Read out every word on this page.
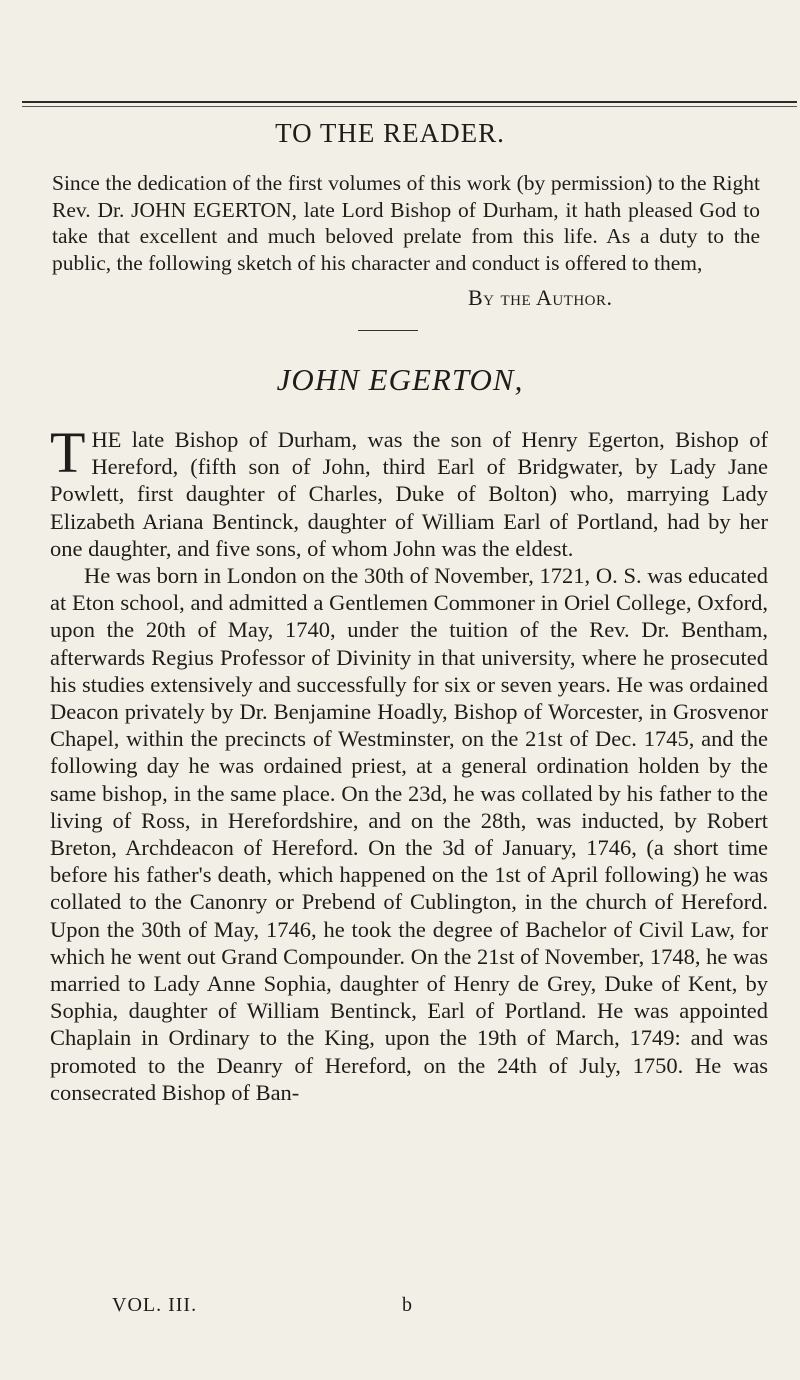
TO THE READER.
Since the dedication of the first volumes of this work (by permission) to the Right Rev. Dr. JOHN EGERTON, late Lord Bishop of Durham, it hath pleased God to take that excellent and much beloved prelate from this life. As a duty to the public, the following sketch of his character and conduct is offered to them,
By the Author.
JOHN EGERTON,

THE late Bishop of Durham, was the son of Henry Egerton, Bishop of Hereford, (fifth son of John, third Earl of Bridgwater, by Lady Jane Powlett, first daughter of Charles, Duke of Bolton) who, marrying Lady Elizabeth Ariana Bentinck, daughter of William Earl of Portland, had by her one daughter, and five sons, of whom John was the eldest.

He was born in London on the 30th of November, 1721, O. S. was educated at Eton school, and admitted a Gentlemen Commoner in Oriel College, Oxford, upon the 20th of May, 1740, under the tuition of the Rev. Dr. Bentham, afterwards Regius Professor of Divinity in that university, where he prosecuted his studies extensively and successfully for six or seven years. He was ordained Deacon privately by Dr. Benjamine Hoadly, Bishop of Worcester, in Grosvenor Chapel, within the precincts of Westminster, on the 21st of Dec. 1745, and the following day he was ordained priest, at a general ordination holden by the same bishop, in the same place. On the 23d, he was collated by his father to the living of Ross, in Herefordshire, and on the 28th, was inducted, by Robert Breton, Archdeacon of Hereford. On the 3d of January, 1746, (a short time before his father's death, which happened on the 1st of April following) he was collated to the Canonry or Prebend of Cublington, in the church of Hereford. Upon the 30th of May, 1746, he took the degree of Bachelor of Civil Law, for which he went out Grand Compounder. On the 21st of November, 1748, he was married to Lady Anne Sophia, daughter of Henry de Grey, Duke of Kent, by Sophia, daughter of William Bentinck, Earl of Portland. He was appointed Chaplain in Ordinary to the King, upon the 19th of March, 1749: and was promoted to the Deanry of Hereford, on the 24th of July, 1750. He was consecrated Bishop of Ban-

VOL. III.	b
